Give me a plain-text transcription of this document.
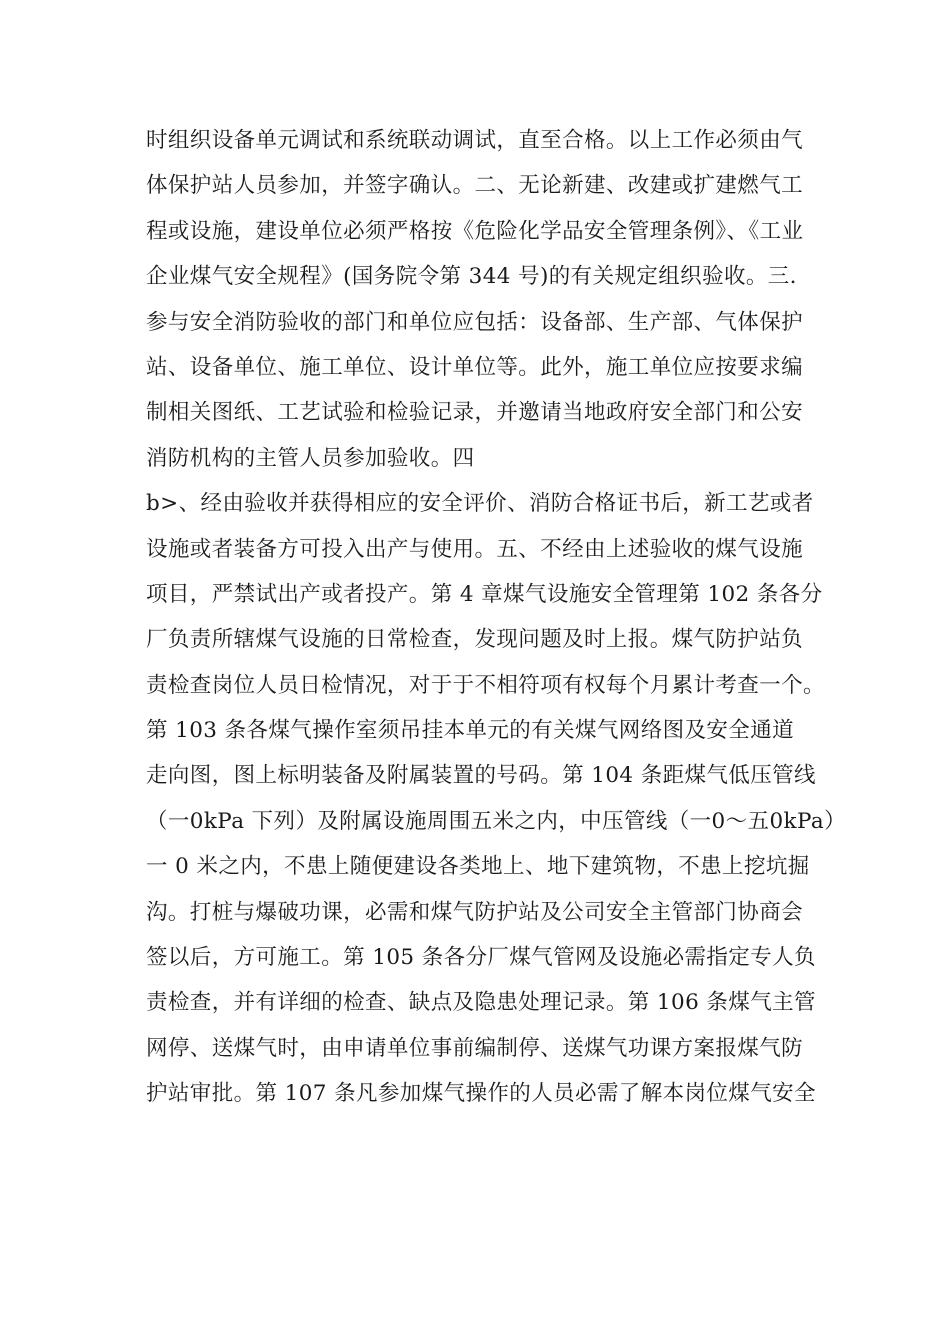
时组织设备单元调试和系统联动调试，直至合格。以上工作必须由气
体保护站人员参加，并签字确认。二、无论新建、改建或扩建燃气工
程或设施，建设单位必须严格按《危险化学品安全管理条例》、《工业
企业煤气安全规程》(国务院令第 344 号)的有关规定组织验收。三.
参与安全消防验收的部门和单位应包括：设备部、生产部、气体保护
站、设备单位、施工单位、设计单位等。此外，施工单位应按要求编
制相关图纸、工艺试验和检验记录，并邀请当地政府安全部门和公安
消防机构的主管人员参加验收。四
b>、经由验收并获得相应的安全评价、消防合格证书后，新工艺或者
设施或者装备方可投入出产与使用。五、不经由上述验收的煤气设施
项目，严禁试出产或者投产。第 4 章煤气设施安全管理第 102 条各分
厂负责所辖煤气设施的日常检查，发现问题及时上报。煤气防护站负
责检查岗位人员日检情况，对于于不相符项有权每个月累计考查一个。
第 103 条各煤气操作室须吊挂本单元的有关煤气网络图及安全通道
走向图，图上标明装备及附属装置的号码。第 104 条距煤气低压管线
（一0kPa 下列）及附属设施周围五米之内，中压管线（一0～五0kPa）
一 0 米之内，不患上随便建设各类地上、地下建筑物，不患上挖坑掘
沟。打桩与爆破功课，必需和煤气防护站及公司安全主管部门协商会
签以后，方可施工。第 105 条各分厂煤气管网及设施必需指定专人负
责检查，并有详细的检查、缺点及隐患处理记录。第 106 条煤气主管
网停、送煤气时，由申请单位事前编制停、送煤气功课方案报煤气防
护站审批。第 107 条凡参加煤气操作的人员必需了解本岗位煤气安全
